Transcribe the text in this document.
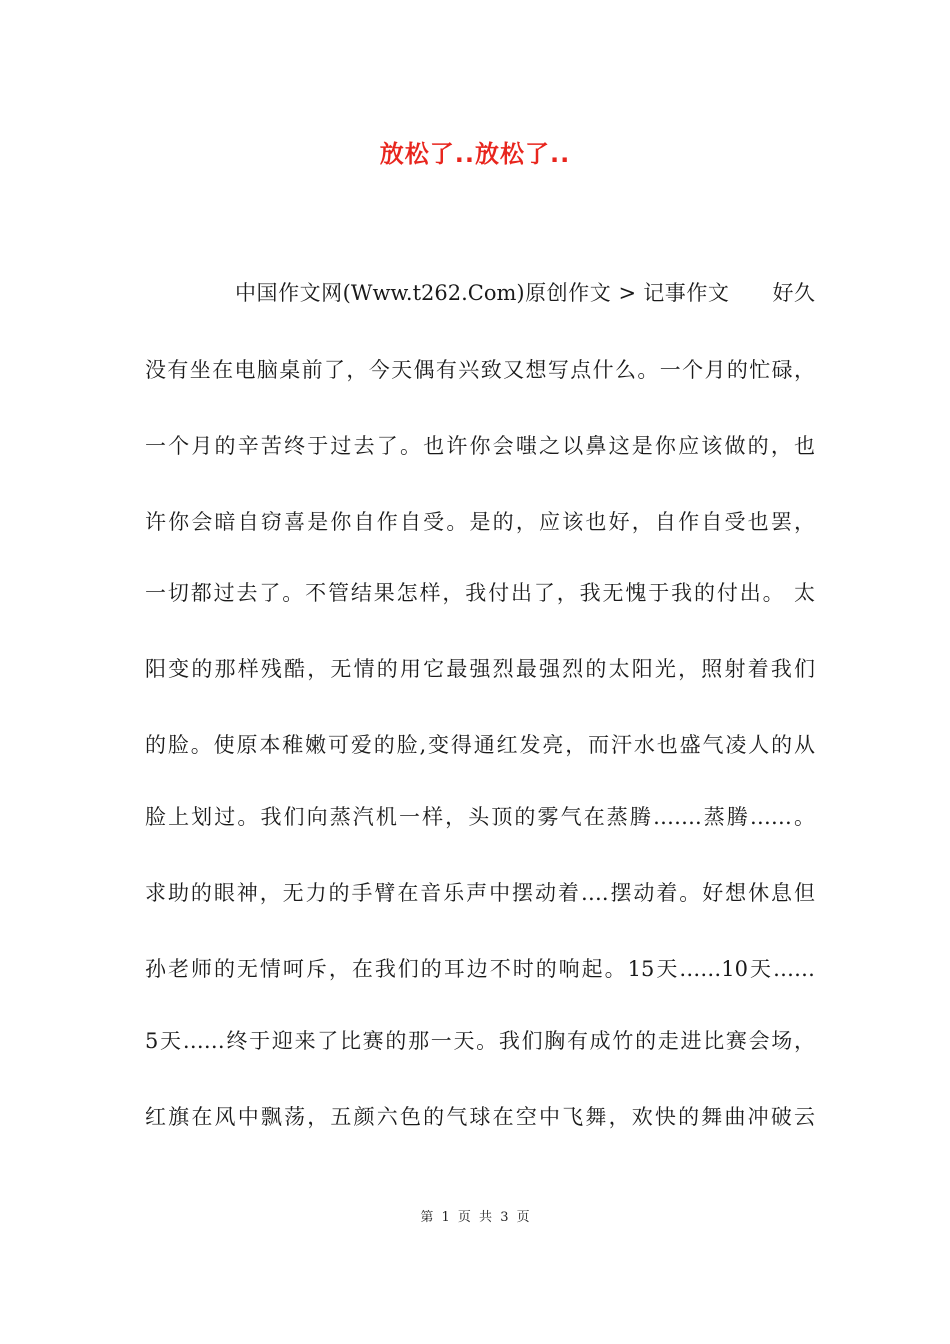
放松了..放松了..
中国作文网(Www.t262.Com)原创作文 > 记事作文　　好久
没有坐在电脑桌前了，今天偶有兴致又想写点什么。一个月的忙碌，
一个月的辛苦终于过去了。也许你会嗤之以鼻这是你应该做的，也
许你会暗自窃喜是你自作自受。是的，应该也好，自作自受也罢，
一切都过去了。不管结果怎样，我付出了，我无愧于我的付出。 太
阳变的那样残酷，无情的用它最强烈最强烈的太阳光，照射着我们
的脸。使原本稚嫩可爱的脸,变得通红发亮，而汗水也盛气凌人的从
脸上划过。我们向蒸汽机一样，头顶的雾气在蒸腾…….蒸腾……。
求助的眼神，无力的手臂在音乐声中摆动着….摆动着。好想休息但
孙老师的无情呵斥，在我们的耳边不时的响起。15天……10天……
5天……终于迎来了比赛的那一天。我们胸有成竹的走进比赛会场，
红旗在风中飘荡，五颜六色的气球在空中飞舞，欢快的舞曲冲破云
第 1 页 共 3 页
